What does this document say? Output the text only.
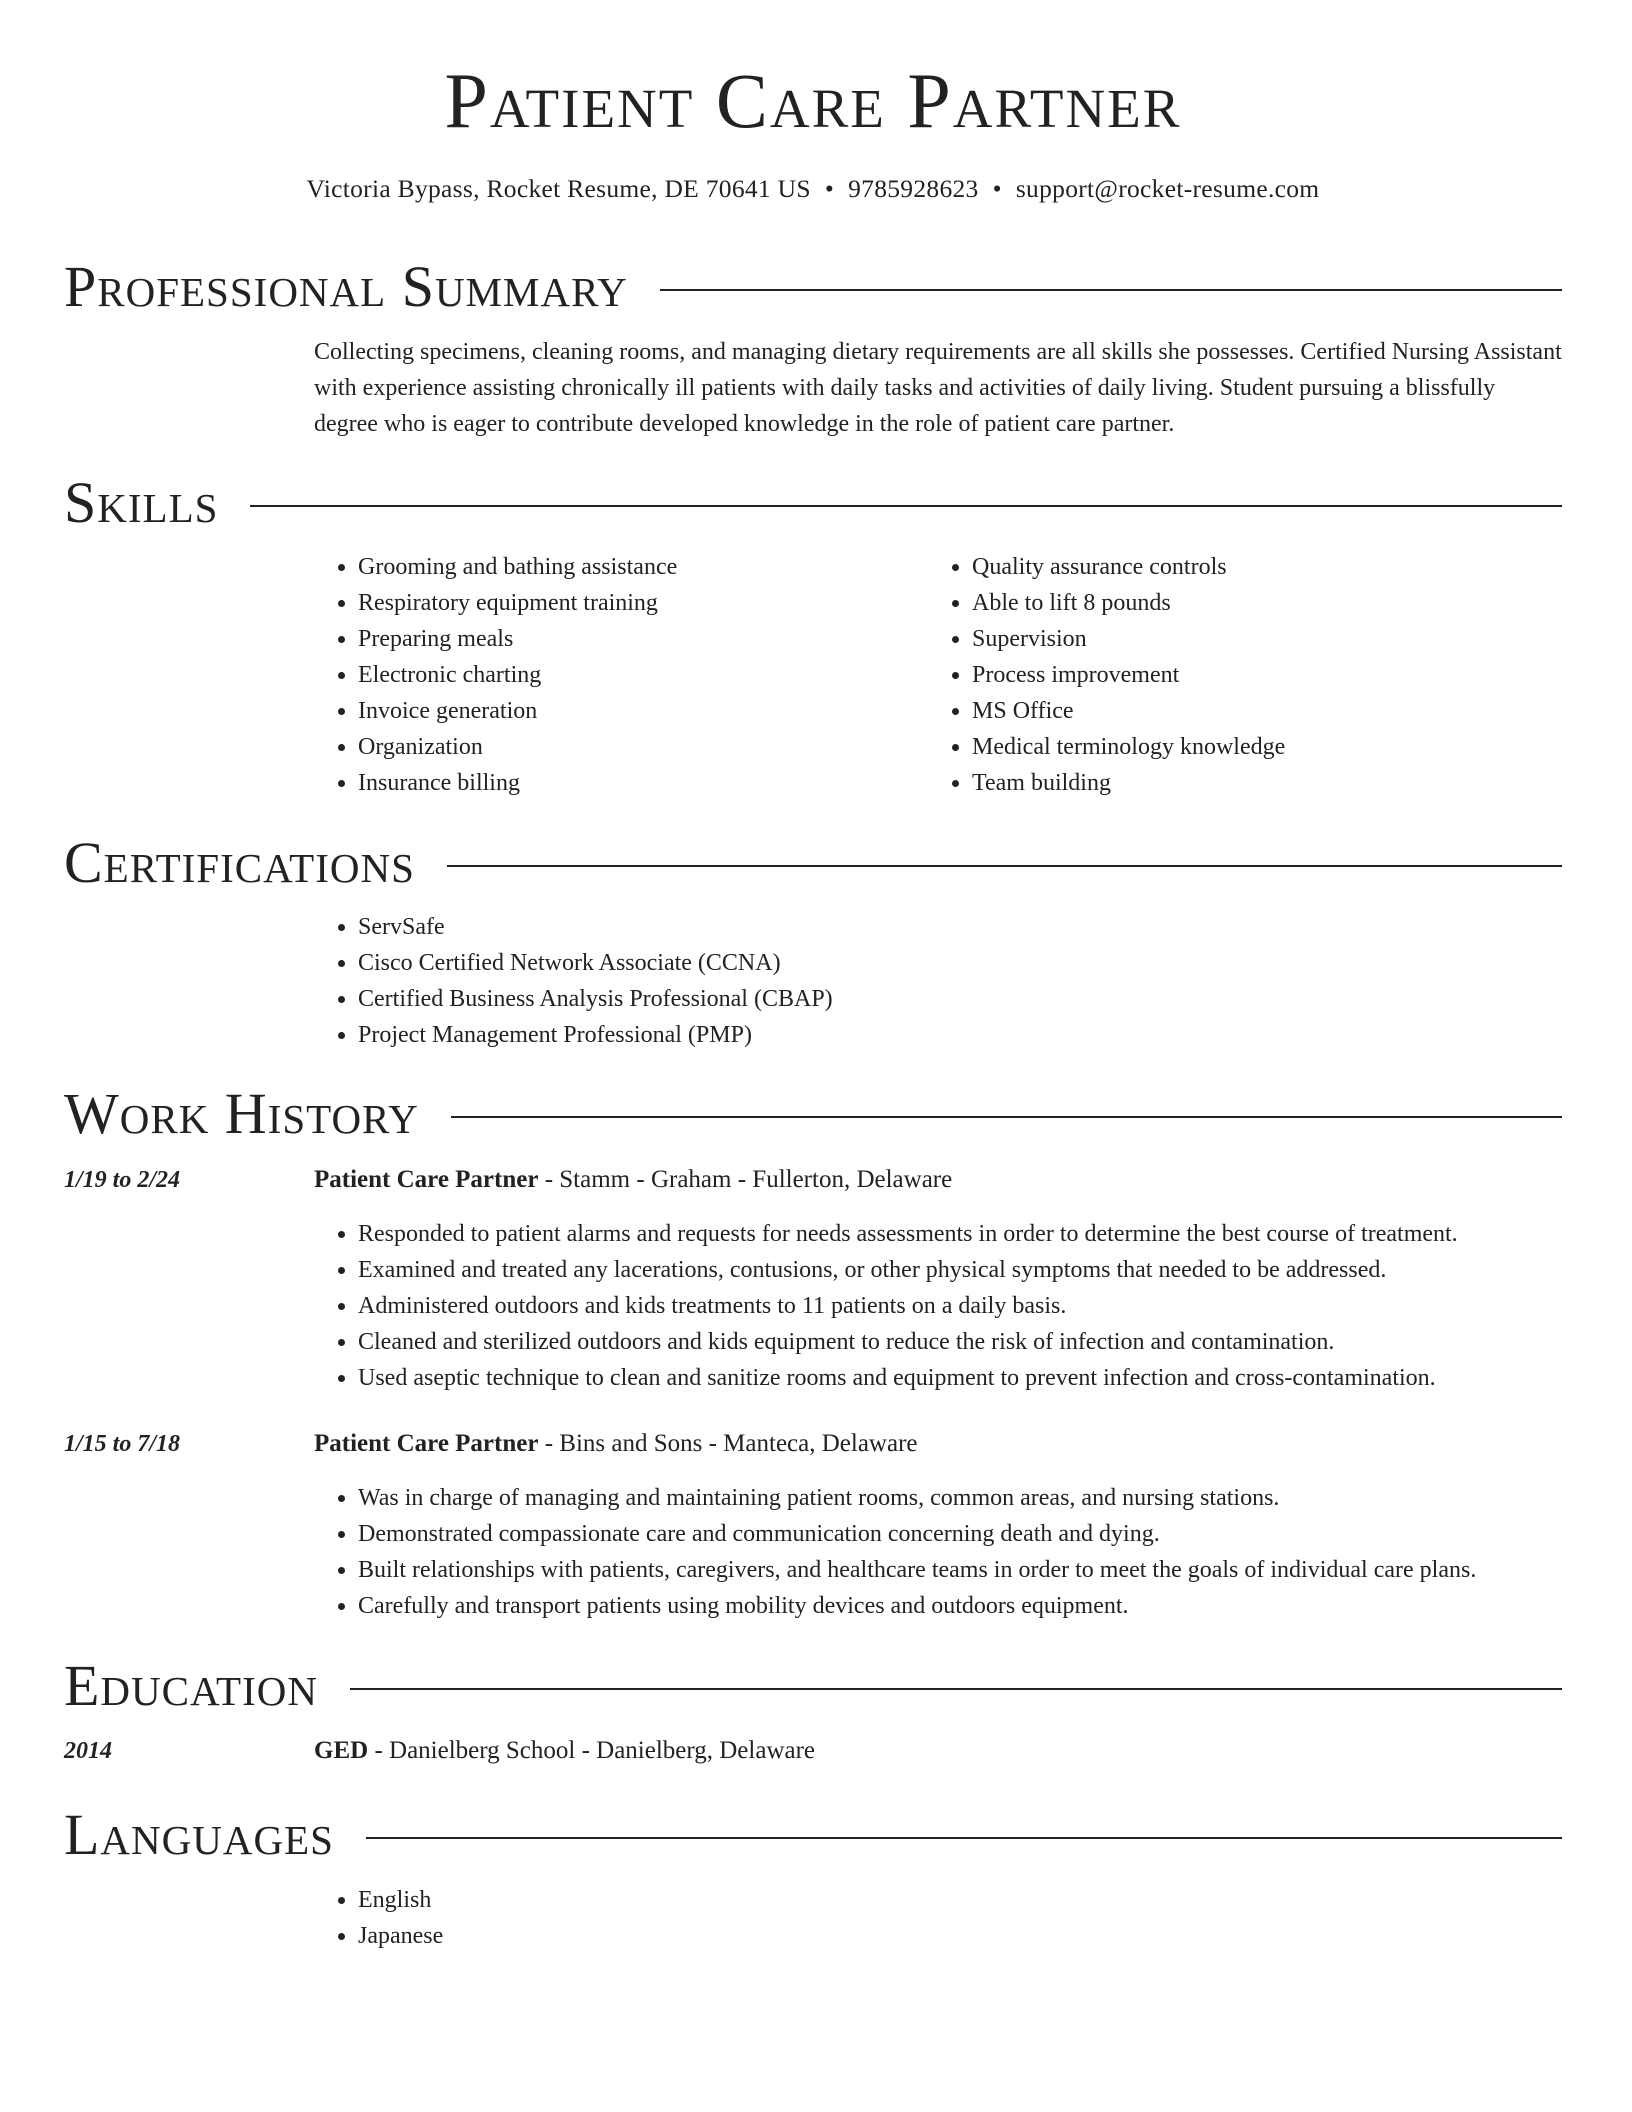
Patient Care Partner
Victoria Bypass, Rocket Resume, DE 70641 US • 9785928623 • support@rocket-resume.com
Professional Summary
Collecting specimens, cleaning rooms, and managing dietary requirements are all skills she possesses. Certified Nursing Assistant with experience assisting chronically ill patients with daily tasks and activities of daily living. Student pursuing a blissfully degree who is eager to contribute developed knowledge in the role of patient care partner.
Skills
• Grooming and bathing assistance
• Respiratory equipment training
• Preparing meals
• Electronic charting
• Invoice generation
• Organization
• Insurance billing
• Quality assurance controls
• Able to lift 8 pounds
• Supervision
• Process improvement
• MS Office
• Medical terminology knowledge
• Team building
Certifications
• ServSafe
• Cisco Certified Network Associate (CCNA)
• Certified Business Analysis Professional (CBAP)
• Project Management Professional (PMP)
Work History
1/19 to 2/24	Patient Care Partner - Stamm - Graham - Fullerton, Delaware
• Responded to patient alarms and requests for needs assessments in order to determine the best course of treatment.
• Examined and treated any lacerations, contusions, or other physical symptoms that needed to be addressed.
• Administered outdoors and kids treatments to 11 patients on a daily basis.
• Cleaned and sterilized outdoors and kids equipment to reduce the risk of infection and contamination.
• Used aseptic technique to clean and sanitize rooms and equipment to prevent infection and cross-contamination.
1/15 to 7/18	Patient Care Partner - Bins and Sons - Manteca, Delaware
• Was in charge of managing and maintaining patient rooms, common areas, and nursing stations.
• Demonstrated compassionate care and communication concerning death and dying.
• Built relationships with patients, caregivers, and healthcare teams in order to meet the goals of individual care plans.
• Carefully and transport patients using mobility devices and outdoors equipment.
Education
2014	GED - Danielberg School - Danielberg, Delaware
Languages
• English
• Japanese
